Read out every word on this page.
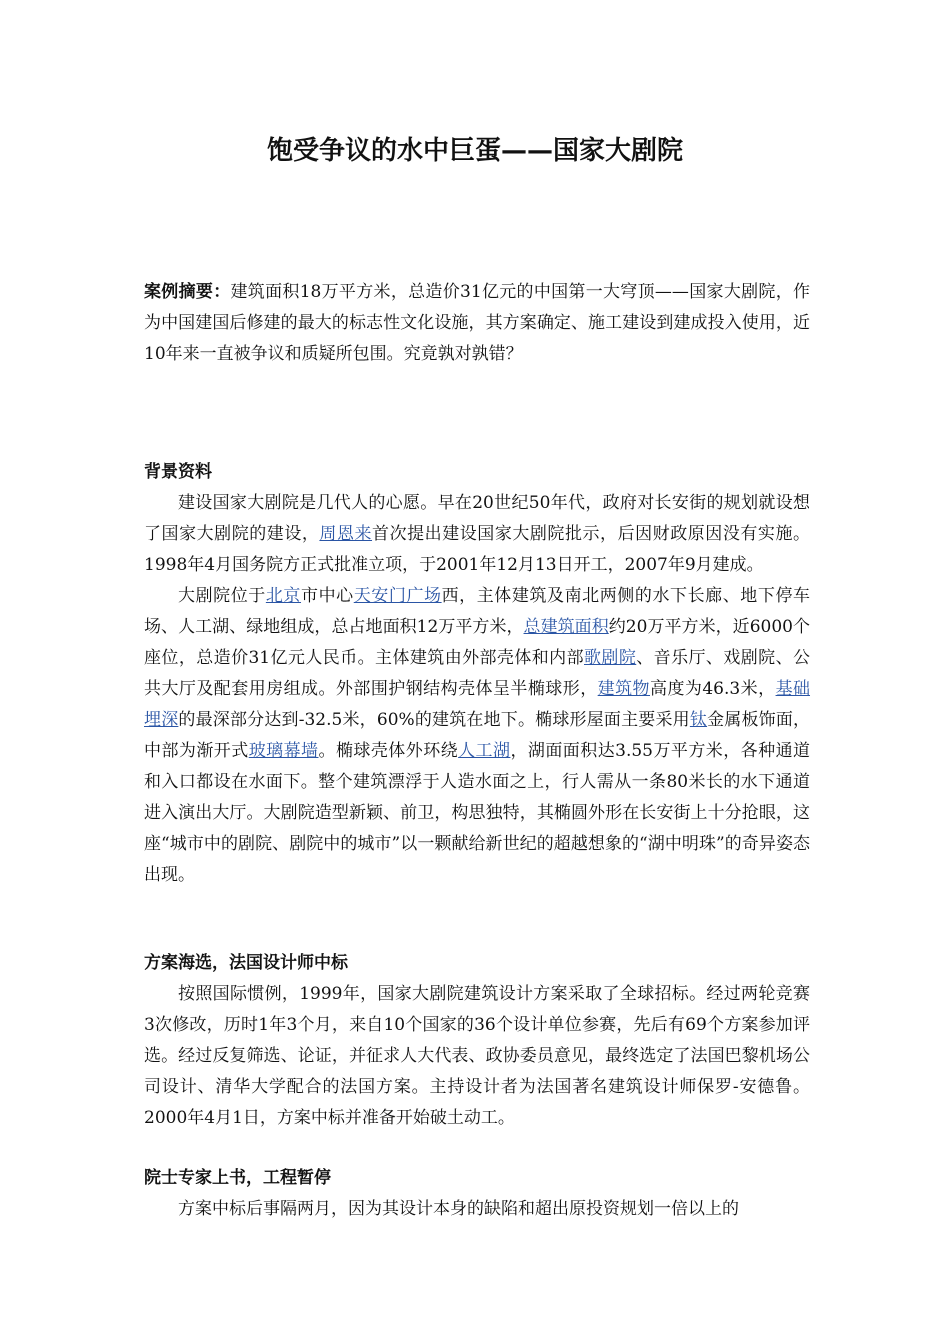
饱受争议的水中巨蛋——国家大剧院

案例摘要：建筑面积18万平方米，总造价31亿元的中国第一大穹顶——国家大剧院，作为中国建国后修建的最大的标志性文化设施，其方案确定、施工建设到建成投入使用，近10年来一直被争议和质疑所包围。究竟孰对孰错？

背景资料

建设国家大剧院是几代人的心愿。早在20世纪50年代，政府对长安街的规划就设想了国家大剧院的建设，周恩来首次提出建设国家大剧院批示，后因财政原因没有实施。1998年4月国务院方正式批准立项，于2001年12月13日开工，2007年9月建成。

大剧院位于北京市中心天安门广场西，主体建筑及南北两侧的水下长廊、地下停车场、人工湖、绿地组成，总占地面积12万平方米，总建筑面积约20万平方米，近6000个座位，总造价31亿元人民币。主体建筑由外部壳体和内部歌剧院、音乐厅、戏剧院、公共大厅及配套用房组成。外部围护钢结构壳体呈半椭球形，建筑物高度为46.3米，基础埋深的最深部分达到-32.5米，60%的建筑在地下。椭球形屋面主要采用钛金属板饰面，中部为渐开式玻璃幕墙。椭球壳体外环绕人工湖，湖面面积达3.55万平方米，各种通道和入口都设在水面下。整个建筑漂浮于人造水面之上，行人需从一条80米长的水下通道进入演出大厅。大剧院造型新颖、前卫，构思独特，其椭圆外形在长安街上十分抢眼，这座“城市中的剧院、剧院中的城市”以一颗献给新世纪的超越想象的“湖中明珠”的奇异姿态出现。

方案海选，法国设计师中标

按照国际惯例，1999年，国家大剧院建筑设计方案采取了全球招标。经过两轮竞赛3次修改，历时1年3个月，来自10个国家的36个设计单位参赛，先后有69个方案参加评选。经过反复筛选、论证，并征求人大代表、政协委员意见，最终选定了法国巴黎机场公司设计、清华大学配合的法国方案。主持设计者为法国著名建筑设计师保罗-安德鲁。2000年4月1日，方案中标并准备开始破土动工。

院士专家上书，工程暂停

方案中标后事隔两月，因为其设计本身的缺陷和超出原投资规划一倍以上的
